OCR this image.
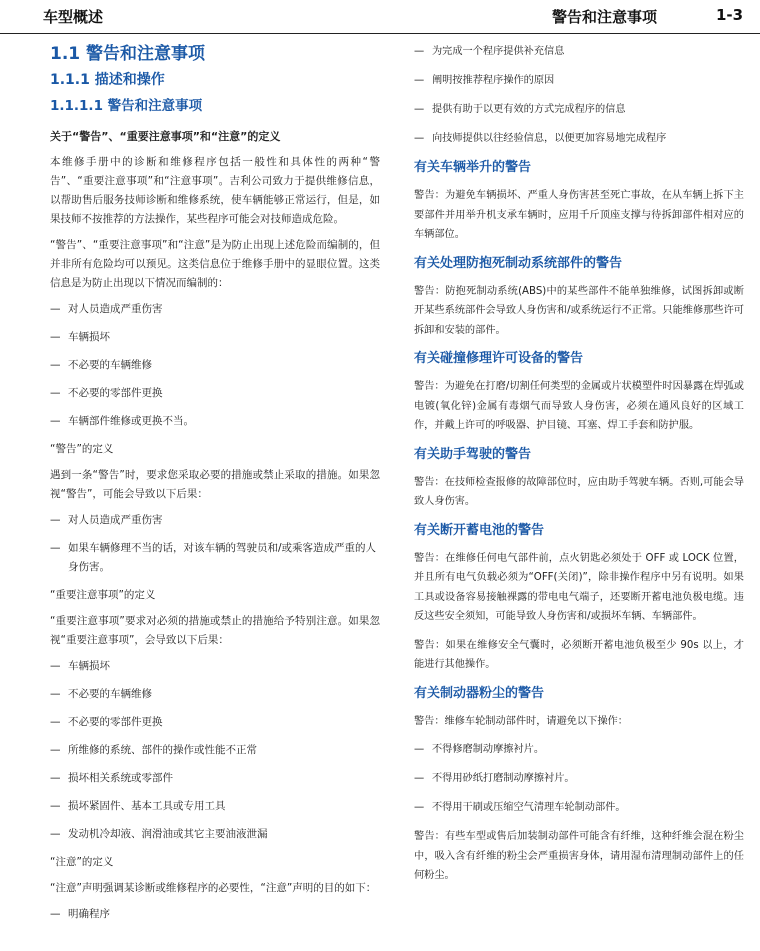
车型概述	警告和注意事项	1-3
1.1 警告和注意事项
1.1.1 描述和操作
1.1.1.1 警告和注意事项

关于“警告”、“重要注意事项”和“注意”的定义

本维修手册中的诊断和维修程序包括一般性和具体性的两种“警告”、“重要注意事项”和“注意事项”。吉利公司致力于提供维修信息，以帮助售后服务技师诊断和维修系统，使车辆能够正常运行，但是，如果技师不按推荐的方法操作，某些程序可能会对技师造成危险。

“警告”、“重要注意事项”和“注意”是为防止出现上述危险而编制的，但并非所有危险均可以预见。这类信息位于维修手册中的显眼位置。这类信息是为防止出现以下情况而编制的：

— 对人员造成严重伤害
— 车辆损坏
— 不必要的车辆维修
— 不必要的零部件更换
— 车辆部件维修或更换不当。

“警告”的定义

遇到一条“警告”时，要求您采取必要的措施或禁止采取的措施。如果忽视“警告”，可能会导致以下后果：

— 对人员造成严重伤害
— 如果车辆修理不当的话，对该车辆的驾驶员和/或乘客造成严重的人身伤害。

“重要注意事项”的定义

“重要注意事项”要求对必须的措施或禁止的措施给予特别注意。如果忽视“重要注意事项”，会导致以下后果：

— 车辆损坏
— 不必要的车辆维修
— 不必要的零部件更换
— 所维修的系统、部件的操作或性能不正常
— 损坏相关系统或零部件
— 损坏紧固件、基本工具或专用工具
— 发动机冷却液、润滑油或其它主要油液泄漏

“注意”的定义

“注意”声明强调某诊断或维修程序的必要性，“注意”声明的目的如下：

— 明确程序
— 为完成一个程序提供补充信息
— 阐明按推荐程序操作的原因
— 提供有助于以更有效的方式完成程序的信息
— 向技师提供以往经验信息，以便更加容易地完成程序
有关车辆举升的警告

警告：为避免车辆损坏、严重人身伤害甚至死亡事故，在从车辆上拆下主要部件并用举升机支承车辆时，应用千斤顶座支撑与待拆卸部件相对应的车辆部位。

有关处理防抱死制动系统部件的警告

警告：防抱死制动系统(ABS)中的某些部件不能单独维修，试图拆卸或断开某些系统部件会导致人身伤害和/或系统运行不正常。只能维修那些许可拆卸和安装的部件。

有关碰撞修理许可设备的警告

警告：为避免在打磨/切割任何类型的金属或片状模塑件时因暴露在焊弧或电镀(氧化锌)金属有毒烟气而导致人身伤害，必须在通风良好的区域工作，并戴上许可的呼吸器、护目镜、耳塞、焊工手套和防护服。

有关助手驾驶的警告

警告：在技师检查报修的故障部位时，应由助手驾驶车辆。否则,可能会导致人身伤害。

有关断开蓄电池的警告

警告：在维修任何电气部件前，点火钥匙必须处于 OFF 或 LOCK 位置，并且所有电气负载必须为“OFF(关闭)”，除非操作程序中另有说明。如果工具或设备容易接触裸露的带电电气端子，还要断开蓄电池负极电缆。违反这些安全须知，可能导致人身伤害和/或损坏车辆、车辆部件。

警告：如果在维修安全气囊时，必须断开蓄电池负极至少 90s 以上，才能进行其他操作。

有关制动器粉尘的警告

警告：维修车轮制动部件时，请避免以下操作：

— 不得修磨制动摩擦衬片。
— 不得用砂纸打磨制动摩擦衬片。
— 不得用干刷或压缩空气清理车轮制动部件。

警告：有些车型或售后加装制动部件可能含有纤维，这种纤维会混在粉尘中，吸入含有纤维的粉尘会严重损害身体，请用湿布清理制动部件上的任何粉尘。
